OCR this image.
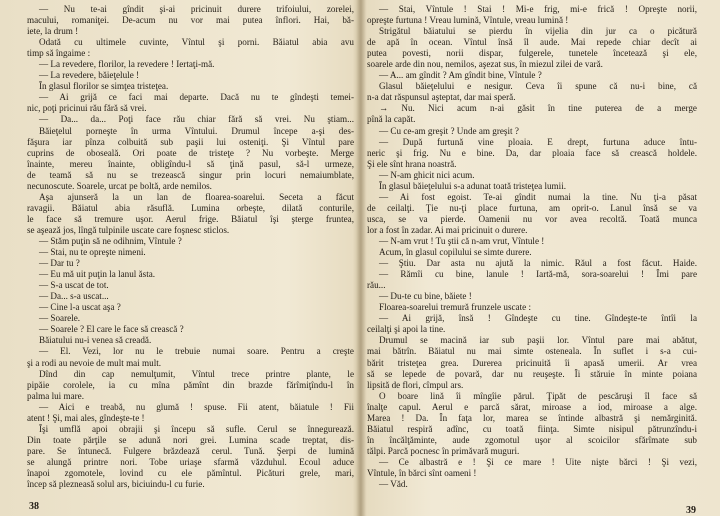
— Nu te-ai gîndit şi-ai pricinuit durere trifoiului, zorelei,
macului, romaniţei. De-acum nu vor mai putea înflori. Hai, bă-
iete, la drum !
Odată cu ultimele cuvinte, Vîntul şi porni. Băiatul abia avu
timp să îngaime :
— La revedere, florilor, la revedere ! Iertaţi-mă.
— La revedere, băieţelule !
În glasul florilor se simţea tristeţea.
— Ai grijă ce faci mai departe. Dacă nu te gîndeşti temei-
nic, poţi pricinui rău fără să vrei.
— Da... da... Poţi face rău chiar fără să vrei. Nu ştiam...
Băieţelul porneşte în urma Vîntului. Drumul începe a-şi des-
făşura iar pînza colbuită sub paşii lui osteniţi. Şi Vîntul pare
cuprins de oboseală. Ori poate de tristeţe ? Nu vorbeşte. Merge
înainte, mereu înainte, obligîndu-l să ţină pasul, să-l urmeze,
de teamă să nu se trezească singur prin locuri nemaiumblate,
necunoscute. Soarele, urcat pe boltă, arde nemilos.
Aşa ajunseră la un lan de floarea-soarelui. Seceta a făcut
ravagii. Băiatul abia răsuflă. Lumina orbeşte, dilată conturile,
le face să tremure uşor. Aerul frige. Băiatul îşi şterge fruntea,
se aşează jos, lîngă tulpinile uscate care foşnesc sticlos.
— Stăm puţin să ne odihnim, Vîntule ?
— Stai, nu te opreşte nimeni.
— Dar tu ?
— Eu mă uit puţin la lanul ăsta.
— S-a uscat de tot.
— Da... s-a uscat...
— Cine l-a uscat aşa ?
— Soarele.
— Soarele ? El care le face să crească ?
Băiatului nu-i venea să creadă.
— El. Vezi, lor nu le trebuie numai soare. Pentru a creşte
şi a rodi au nevoie de mult mai mult.
Dînd din cap nemulţumit, Vîntul trece printre plante, le
pipăie corolele, ia cu mîna pămînt din brazde fărîmiţîndu-l în
palma lui mare.
— Aici e treabă, nu glumă ! spuse. Fii atent, băiatule ! Fii
atent ! Şi, mai ales, gîndeşte-te !
Îşi umflă apoi obrajii şi începu să sufle. Cerul se înnegurează.
Din toate părţile se adună nori grei. Lumina scade treptat, dis-
pare. Se întunecă. Fulgere brăzdează cerul. Tună. Şerpi de lumină
se alungă printre nori. Tobe uriaşe sfarmă văzduhul. Ecoul aduce
înapoi zgomotele, lovind cu ele pămîntul. Picături grele, mari,
încep să plezneasă solul ars, biciuindu-l cu furie.
— Stai, Vîntule ! Stai ! Mi-e frig, mi-e frică ! Opreşte norii,
opreşte furtuna ! Vreau lumină, Vîntule, vreau lumină !
Strigătul băiatului se pierdu în vijelia din jur ca o picătură
de apă în ocean. Vîntul însă îl aude. Mai repede chiar decît ai
putea povesti, norii dispar, fulgerele, tunetele încetează şi ele,
soarele arde din nou, nemilos, aşezat sus, în miezul zilei de vară.
— A... am gîndit ? Am gîndit bine, Vîntule ?
Glasul băieţelului e nesigur. Ceva îi spune că nu-i bine, că
n-a dat răspunsul aşteptat, dar mai speră.
→ Nu. Nici acum n-ai găsit în tine puterea de a merge
pînă la capăt.
— Cu ce-am greşit ? Unde am greşit ?
— După furtună vine ploaia. E drept, furtuna aduce întu-
neric şi frig. Nu e bine. Da, dar ploaia face să crească holdele.
Şi ele sînt hrana noastră.
— N-am ghicit nici acum.
În glasul băieţelului s-a adunat toată tristeţea lumii.
— Ai fost egoist. Te-ai gîndit numai la tine. Nu ţi-a păsat
de ceilalţi. Ţie nu-ţi place furtuna, am oprit-o. Lanul însă se va
usca, se va pierde. Oamenii nu vor avea recoltă. Toată munca
lor a fost în zadar. Ai mai pricinuit o durere.
— N-am vrut ! Tu ştii că n-am vrut, Vîntule !
Acum, în glasul copilului se simte durere.
— Ştiu. Dar asta nu ajută la nimic. Răul a fost făcut. Haide.
— Rămîi cu bine, lanule ! Iartă-mă, sora-soarelui ! Îmi pare
rău...
— Du-te cu bine, băiete !
Floarea-soarelui tremură frunzele uscate :
— Ai grijă, însă ! Gîndeşte cu tine. Gîndeşte-te întîi la
ceilalţi şi apoi la tine.
Drumul se macină iar sub paşii lor. Vîntul pare mai abătut,
mai bătrîn. Băiatul nu mai simte osteneala. În suflet i s-a cui-
bărit tristeţea grea. Durerea pricinuită îi apasă umerii. Ar vrea
să se lepede de povară, dar nu reuşeşte. Îi stăruie în minte poiana
lipsită de flori, cîmpul ars.
O boare lină îi mîngîie părul. Ţipăt de pescăruşi îl face să
înalţe capul. Aerul e parcă sărat, miroase a iod, miroase a alge.
Marea ! Da. În faţa lor, marea se întinde albastră şi nemărginită.
Băiatul respiră adînc, cu toată fiinţa. Simte nisipul pătrunzîndu-i
în încălţăminte, aude zgomotul uşor al scoicilor sfărîmate sub
tălpi. Parcă pocnesc în primăvară muguri.
— Ce albastră e ! Şi ce mare ! Uite nişte bărci ! Şi vezi,
Vîntule, în bărci sînt oameni !
— Văd.
38	39
